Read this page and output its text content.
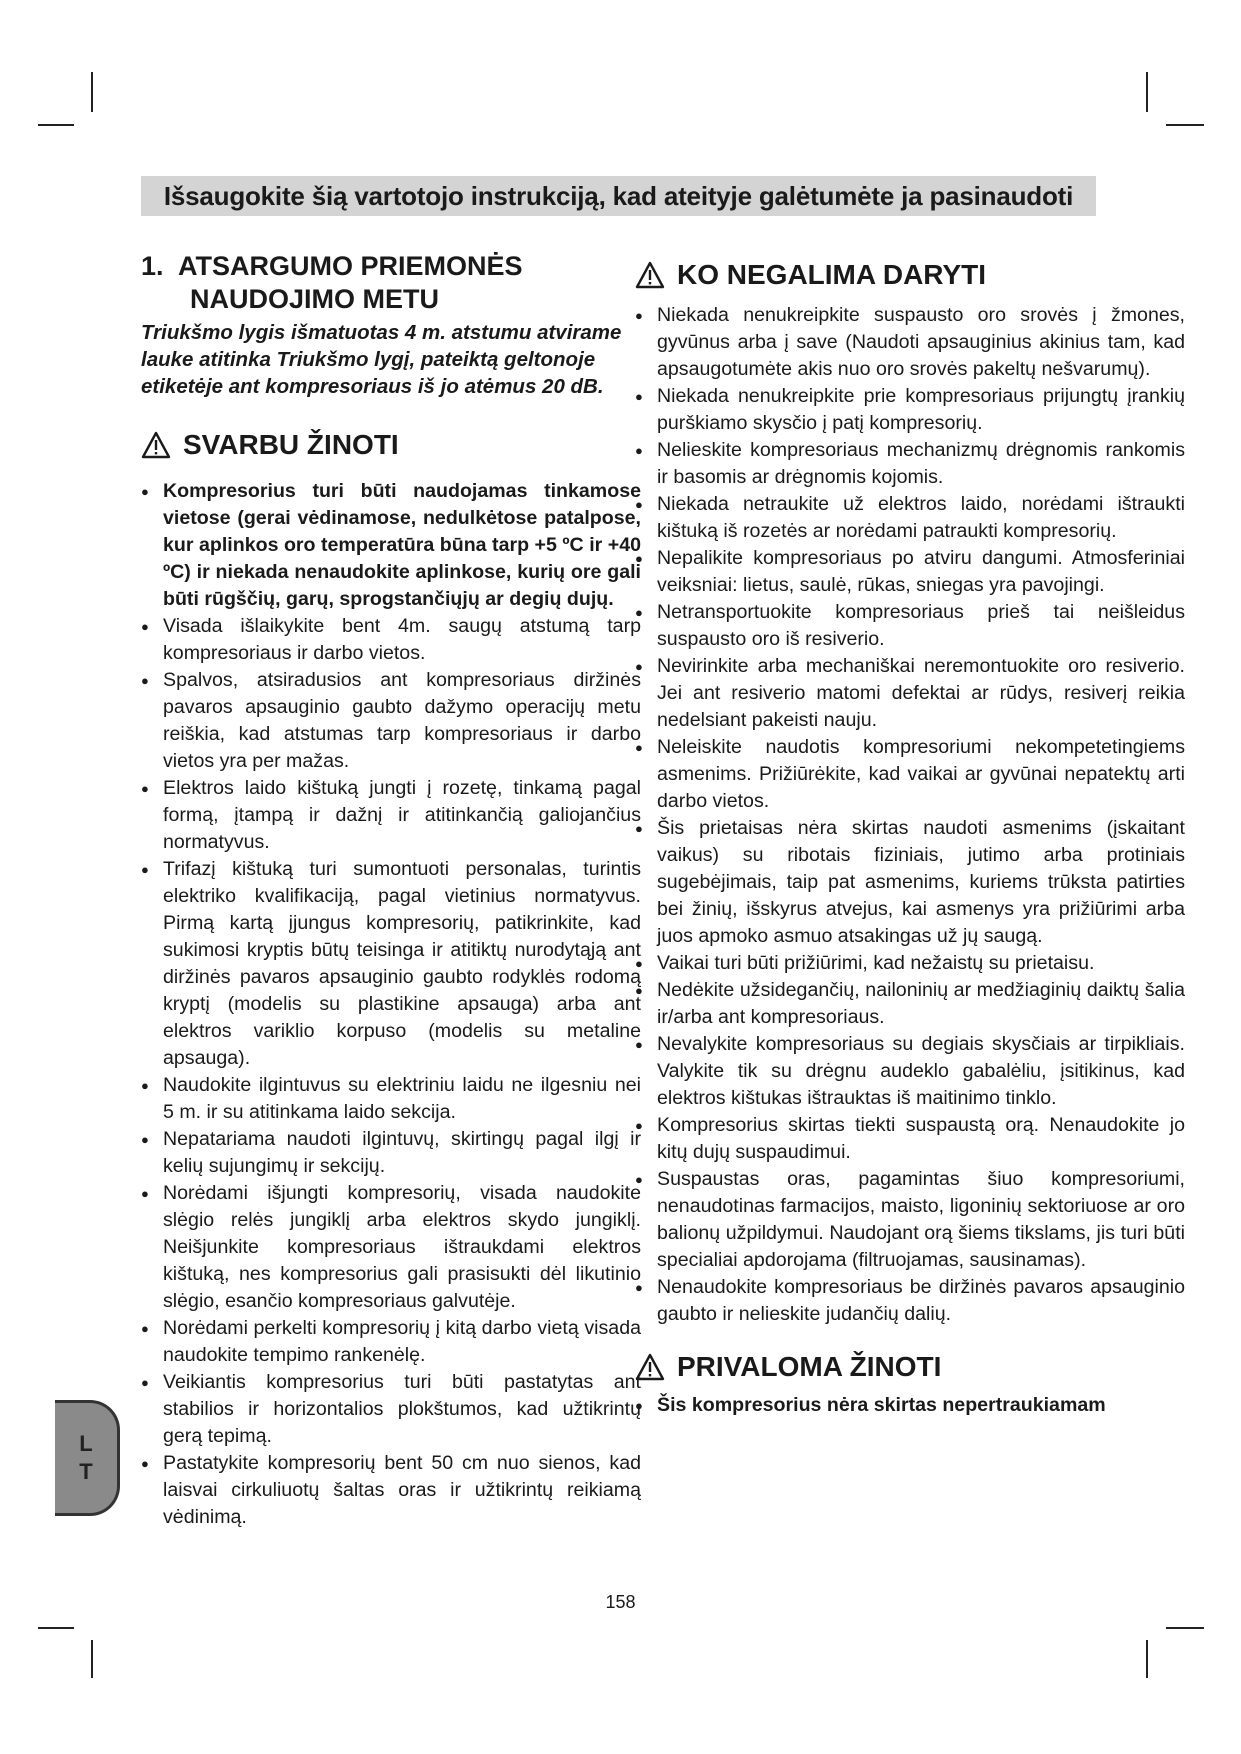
Išsaugokite šią vartotojo instrukciją, kad ateityje galėtumėte ja pasinaudoti
1. ATSARGUMO PRIEMONĖS
NAUDOJIMO METU

Triukšmo lygis išmatuotas 4 m. atstumu atvirame lauke atitinka Triukšmo lygį, pateiktą geltonoje etiketėje ant kompresoriaus iš jo atėmus 20 dB.

SVARBU ŽINOTI
● Kompresorius turi būti naudojamas tinkamose vietose (gerai vėdinamose, nedulkėtose patalpose, kur aplinkos oro temperatūra būna tarp +5 ºC ir +40 ºC) ir niekada nenaudokite aplinkose, kurių ore gali būti rūgščių, garų, sprogstančiųjų ar degių dujų.
● Visada išlaikykite bent 4m. saugų atstumą tarp kompresoriaus ir darbo vietos.
● Spalvos, atsiradusios ant kompresoriaus diržinės pavaros apsauginio gaubto dažymo operacijų metu reiškia, kad atstumas tarp kompresoriaus ir darbo vietos yra per mažas.
● Elektros laido kištuką jungti į rozetę, tinkamą pagal formą, įtampą ir dažnį ir atitinkančią galiojančius normatyvus.
● Trifazį kištuką turi sumontuoti personalas, turintis elektriko kvalifikaciją, pagal vietinius normatyvus. Pirmą kartą įjungus kompresorių, patikrinkite, kad sukimosi kryptis būtų teisinga ir atitiktų nurodytąją ant diržinės pavaros apsauginio gaubto rodyklės rodomą kryptį (modelis su plastikine apsauga) arba ant elektros variklio korpuso (modelis su metaline apsauga).
● Naudokite ilgintuvus su elektriniu laidu ne ilgesniu nei 5 m. ir su atitinkama laido sekcija.
● Nepatariama naudoti ilgintuvų, skirtingų pagal ilgį ir kelių sujungimų ir sekcijų.
● Norėdami išjungti kompresorių, visada naudokite slėgio relės jungiklį arba elektros skydo jungiklį. Neišjunkite kompresoriaus ištraukdami elektros kištuką, nes kompresorius gali prasisukti dėl likutinio slėgio, esančio kompresoriaus galvutėje.
● Norėdami perkelti kompresorių į kitą darbo vietą visada naudokite tempimo rankenėlę.
● Veikiantis kompresorius turi būti pastatytas ant stabilios ir horizontalios plokštumos, kad užtikrintų gerą tepimą.
● Pastatykite kompresorių bent 50 cm nuo sienos, kad laisvai cirkuliuotų šaltas oras ir užtikrintų reikiamą vėdinimą.
KO NEGALIMA DARYTI
● Niekada nenukreipkite suspausto oro srovės į žmones, gyvūnus arba į save (Naudoti apsauginius akinius tam, kad apsaugotumėte akis nuo oro srovės pakeltų nešvarumų).
● Niekada nenukreipkite prie kompresoriaus prijungtų įrankių purškiamo skysčio į patį kompresorių.
● Nelieskite kompresoriaus mechanizmų drėgnomis rankomis ir basomis ar drėgnomis kojomis.
● Niekada netraukite už elektros laido, norėdami ištraukti kištuką iš rozetės ar norėdami patraukti kompresorių.
● Nepalikite kompresoriaus po atviru dangumi. Atmosferiniai veiksniai: lietus, saulė, rūkas, sniegas yra pavojingi.
● Netransportuokite kompresoriaus prieš tai neišleidus suspausto oro iš resiverio.
● Nevirinkite arba mechaniškai neremontuokite oro resiverio. Jei ant resiverio matomi defektai ar rūdys, resiverį reikia nedelsiant pakeisti nauju.
● Neleiskite naudotis kompresoriumi nekompetetingiems asmenims. Prižiūrėkite, kad vaikai ar gyvūnai nepatektų arti darbo vietos.
● Šis prietaisas nėra skirtas naudoti asmenims (įskaitant vaikus) su ribotais fiziniais, jutimo arba protiniais sugebėjimais, taip pat asmenims, kuriems trūksta patirties bei žinių, išskyrus atvejus, kai asmenys yra prižiūrimi arba juos apmoko asmuo atsakingas už jų saugą.
● Vaikai turi būti prižiūrimi, kad nežaistų su prietaisu.
● Nedėkite užsidegančių, nailoninių ar medžiaginių daiktų šalia ir/arba ant kompresoriaus.
● Nevalykite kompresoriaus su degiais skysčiais ar tirpikliais. Valykite tik su drėgnu audeklo gabalėliu, įsitikinus, kad elektros kištukas ištrauktas iš maitinimo tinklo.
● Kompresorius skirtas tiekti suspaustą orą. Nenaudokite jo kitų dujų suspaudimui.
● Suspaustas oras, pagamintas šiuo kompresoriumi, nenaudotinas farmacijos, maisto, ligoninių sektoriuose ar oro balionų užpildymui. Naudojant orą šiems tikslams, jis turi būti specialiai apdorojama (filtruojamas, sausinamas).
● Nenaudokite kompresoriaus be diržinės pavaros apsauginio gaubto ir nelieskite judančių dalių.
PRIVALOMA ŽINOTI
● Šis kompresorius nėra skirtas nepertraukiamam
L
T
158
